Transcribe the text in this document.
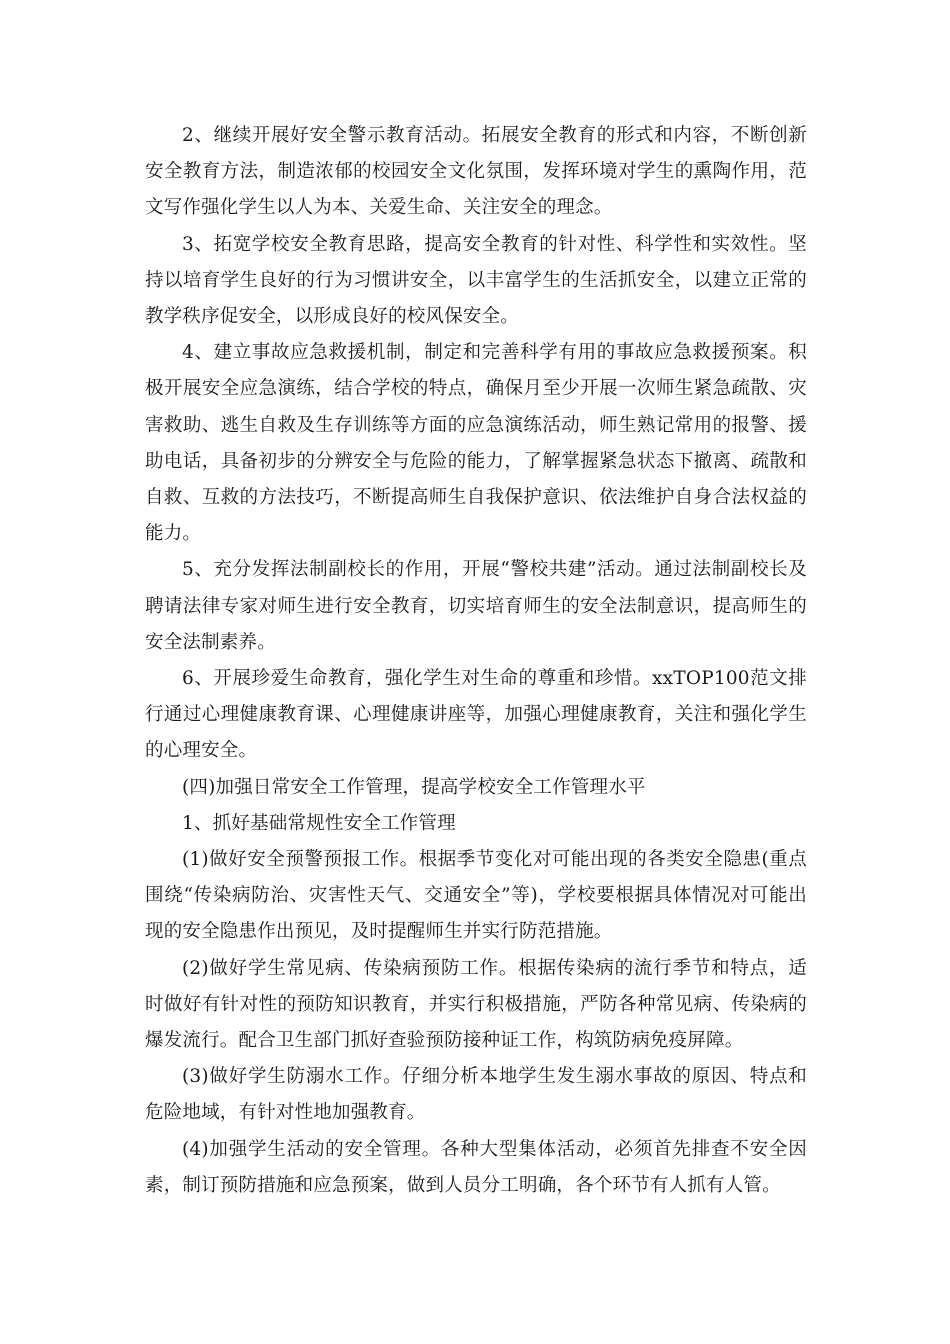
2、继续开展好安全警示教育活动。拓展安全教育的形式和内容，不断创新安全教育方法，制造浓郁的校园安全文化氛围，发挥环境对学生的熏陶作用，范文写作强化学生以人为本、关爱生命、关注安全的理念。

3、拓宽学校安全教育思路，提高安全教育的针对性、科学性和实效性。坚持以培育学生良好的行为习惯讲安全，以丰富学生的生活抓安全，以建立正常的教学秩序促安全，以形成良好的校风保安全。

4、建立事故应急救援机制，制定和完善科学有用的事故应急救援预案。积极开展安全应急演练，结合学校的特点，确保月至少开展一次师生紧急疏散、灾害救助、逃生自救及生存训练等方面的应急演练活动，师生熟记常用的报警、援助电话，具备初步的分辨安全与危险的能力，了解掌握紧急状态下撤离、疏散和自救、互救的方法技巧，不断提高师生自我保护意识、依法维护自身合法权益的能力。

5、充分发挥法制副校长的作用，开展“警校共建”活动。通过法制副校长及聘请法律专家对师生进行安全教育，切实培育师生的安全法制意识，提高师生的安全法制素养。

6、开展珍爱生命教育，强化学生对生命的尊重和珍惜。xxTOP100范文排行通过心理健康教育课、心理健康讲座等，加强心理健康教育，关注和强化学生的心理安全。

(四)加强日常安全工作管理，提高学校安全工作管理水平

1、抓好基础常规性安全工作管理

(1)做好安全预警预报工作。根据季节变化对可能出现的各类安全隐患(重点围绕“传染病防治、灾害性天气、交通安全”等)，学校要根据具体情况对可能出现的安全隐患作出预见，及时提醒师生并实行防范措施。

(2)做好学生常见病、传染病预防工作。根据传染病的流行季节和特点，适时做好有针对性的预防知识教育，并实行积极措施，严防各种常见病、传染病的爆发流行。配合卫生部门抓好查验预防接种证工作，构筑防病免疫屏障。

(3)做好学生防溺水工作。仔细分析本地学生发生溺水事故的原因、特点和危险地域，有针对性地加强教育。

(4)加强学生活动的安全管理。各种大型集体活动，必须首先排查不安全因素，制订预防措施和应急预案，做到人员分工明确，各个环节有人抓有人管。
